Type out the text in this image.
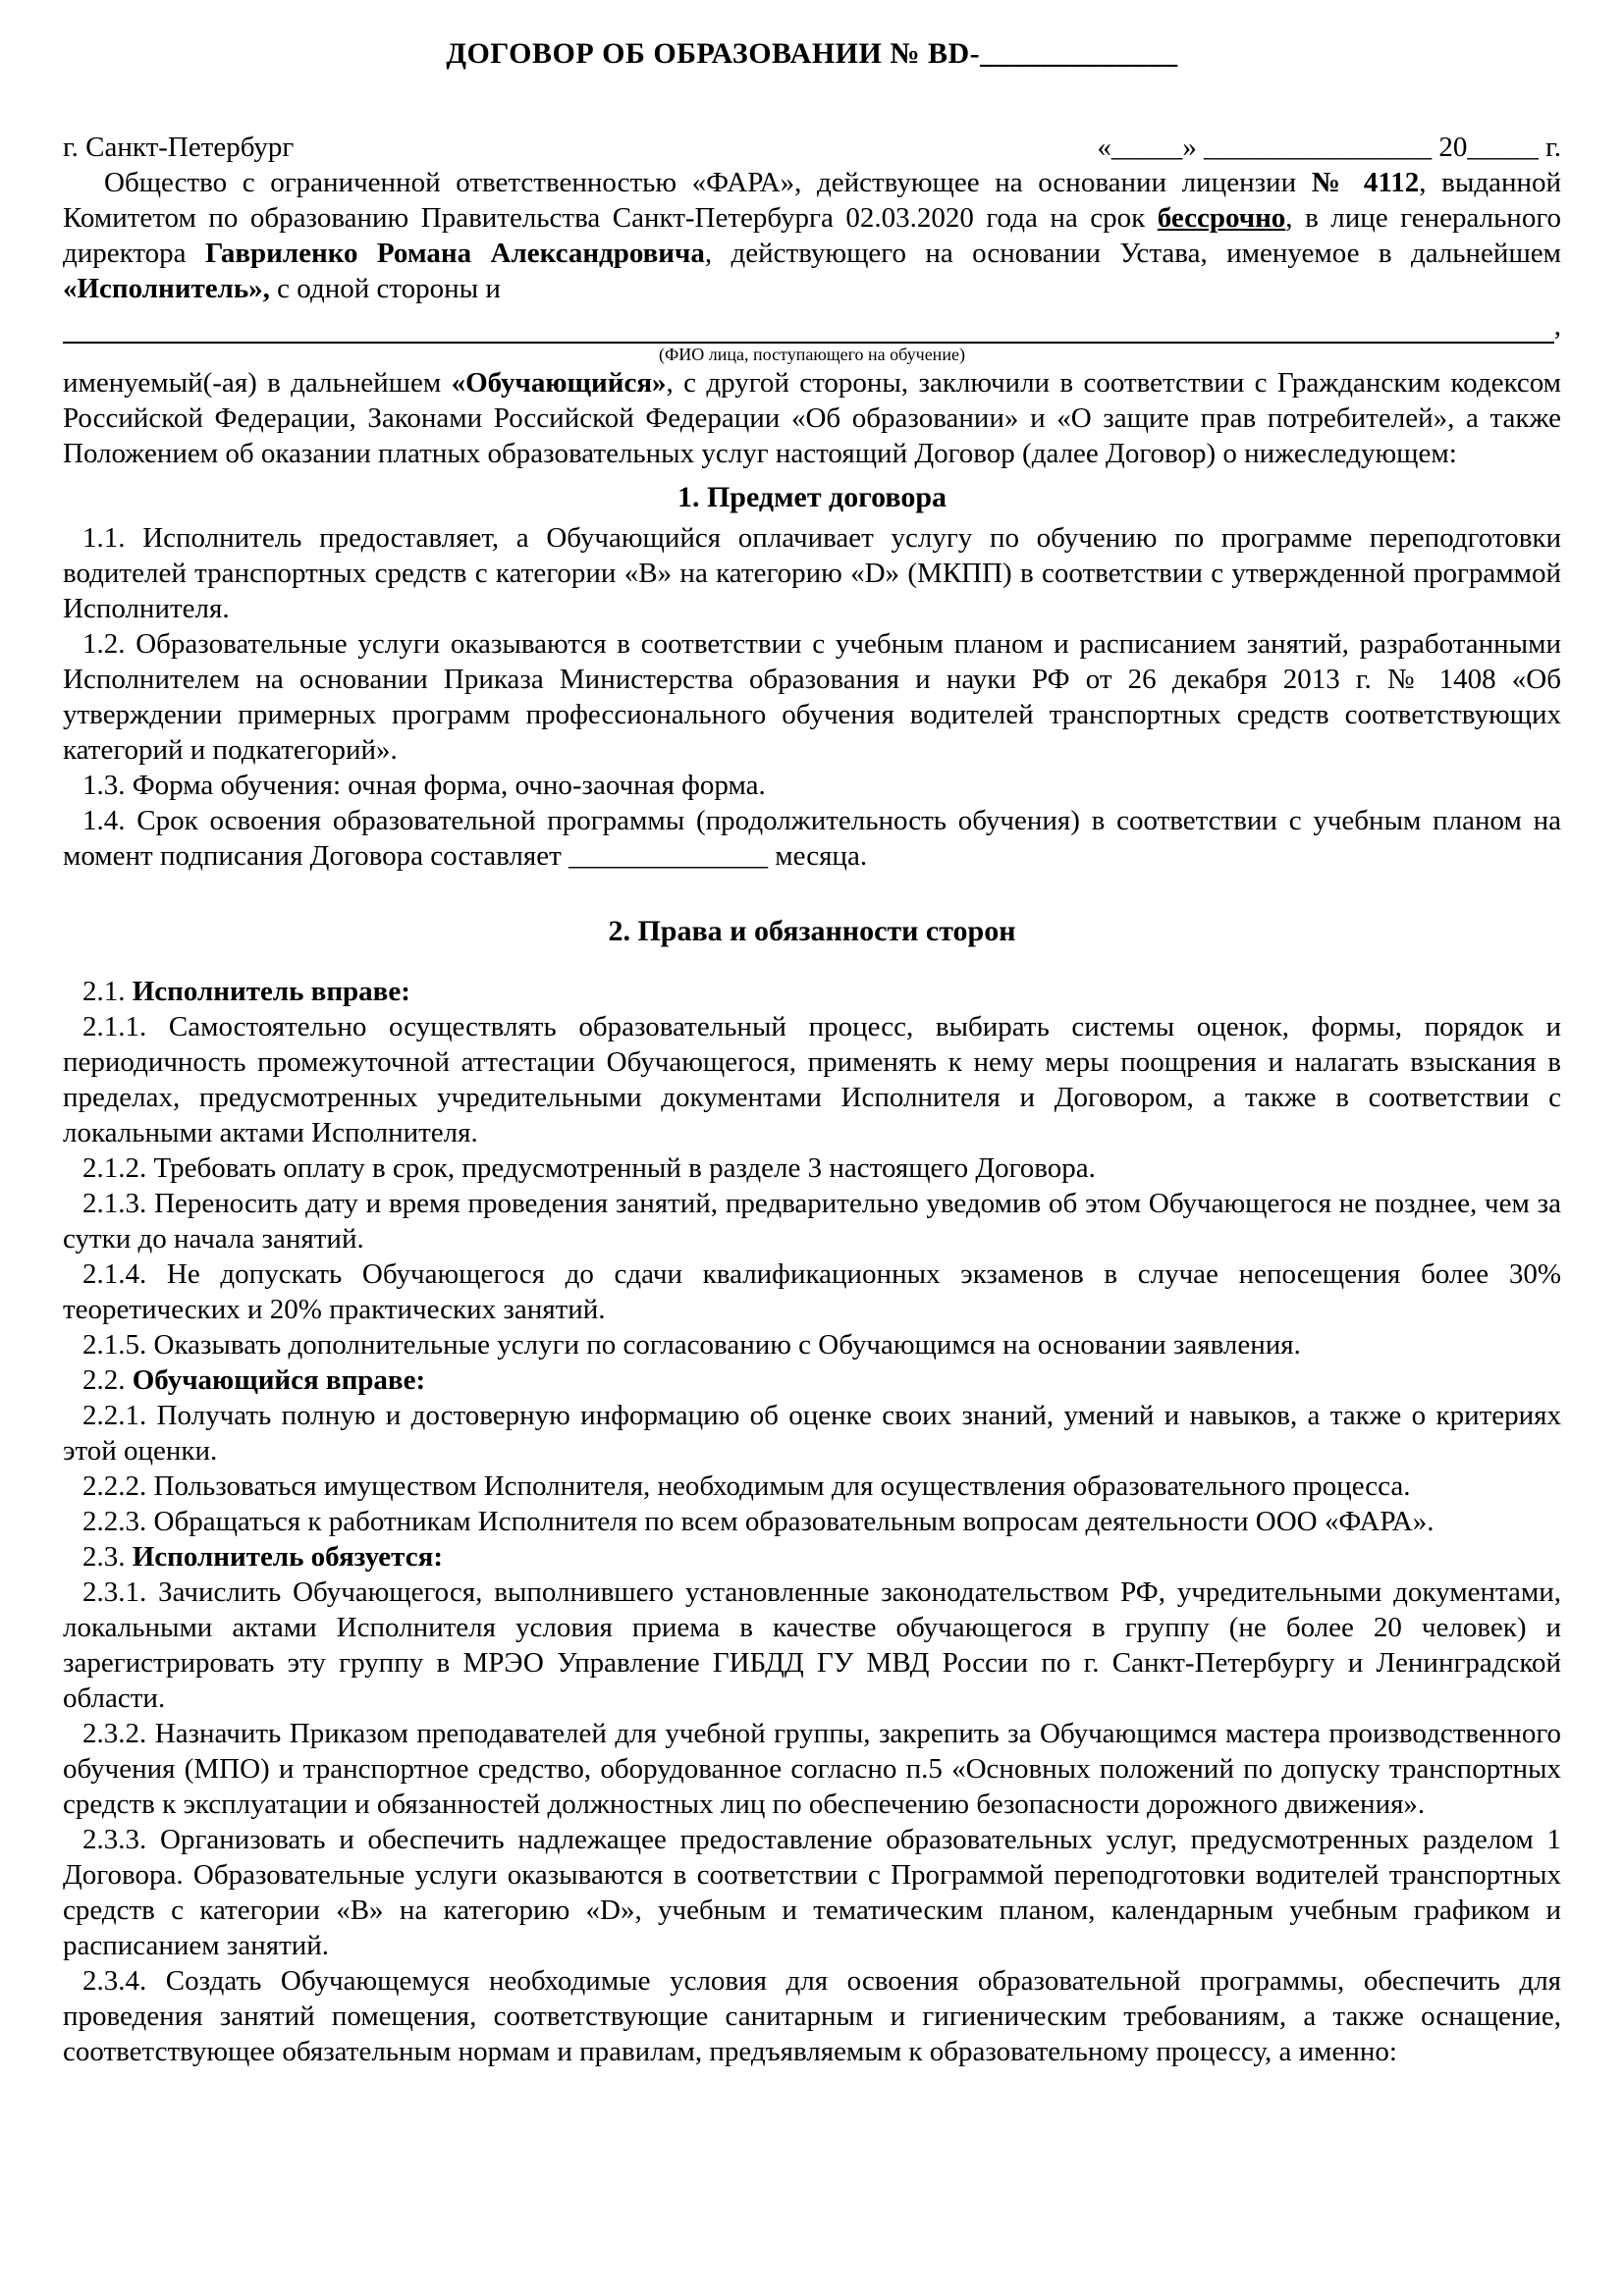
ДОГОВОР ОБ ОБРАЗОВАНИИ № BD-_____________
г. Санкт-Петербург	«_____» ________________ 20_____ г.

Общество с ограниченной ответственностью «ФАРА», действующее на основании лицензии № 4112, выданной Комитетом по образованию Правительства Санкт-Петербурга 02.03.2020 года на срок бессрочно, в лице генерального директора Гавриленко Романа Александровича, действующего на основании Устава, именуемое в дальнейшем «Исполнитель», с одной стороны и

,
(ФИО лица, поступающего на обучение)

именуемый(-ая) в дальнейшем «Обучающийся», с другой стороны, заключили в соответствии с Гражданским кодексом Российской Федерации, Законами Российской Федерации «Об образовании» и «О защите прав потребителей», а также Положением об оказании платных образовательных услуг настоящий Договор (далее Договор) о нижеследующем:

1. Предмет договора

1.1. Исполнитель предоставляет, а Обучающийся оплачивает услугу по обучению по программе переподготовки водителей транспортных средств с категории «В» на категорию «D» (МКПП) в соответствии с утвержденной программой Исполнителя.

1.2. Образовательные услуги оказываются в соответствии с учебным планом и расписанием занятий, разработанными Исполнителем на основании Приказа Министерства образования и науки РФ от 26 декабря 2013 г. № 1408 «Об утверждении примерных программ профессионального обучения водителей транспортных средств соответствующих категорий и подкатегорий».

1.3. Форма обучения: очная форма, очно-заочная форма.

1.4. Срок освоения образовательной программы (продолжительность обучения) в соответствии с учебным планом на момент подписания Договора составляет ______________ месяца.

2. Права и обязанности сторон

2.1. Исполнитель вправе:

2.1.1. Самостоятельно осуществлять образовательный процесс, выбирать системы оценок, формы, порядок и периодичность промежуточной аттестации Обучающегося, применять к нему меры поощрения и налагать взыскания в пределах, предусмотренных учредительными документами Исполнителя и Договором, а также в соответствии с локальными актами Исполнителя.

2.1.2. Требовать оплату в срок, предусмотренный в разделе 3 настоящего Договора.

2.1.3. Переносить дату и время проведения занятий, предварительно уведомив об этом Обучающегося не позднее, чем за сутки до начала занятий.

2.1.4. Не допускать Обучающегося до сдачи квалификационных экзаменов в случае непосещения более 30% теоретических и 20% практических занятий.

2.1.5. Оказывать дополнительные услуги по согласованию с Обучающимся на основании заявления.

2.2. Обучающийся вправе:

2.2.1. Получать полную и достоверную информацию об оценке своих знаний, умений и навыков, а также о критериях этой оценки.

2.2.2. Пользоваться имуществом Исполнителя, необходимым для осуществления образовательного процесса.

2.2.3. Обращаться к работникам Исполнителя по всем образовательным вопросам деятельности ООО «ФАРА».

2.3. Исполнитель обязуется:

2.3.1. Зачислить Обучающегося, выполнившего установленные законодательством РФ, учредительными документами, локальными актами Исполнителя условия приема в качестве обучающегося в группу (не более 20 человек) и зарегистрировать эту группу в МРЭО Управление ГИБДД ГУ МВД России по г. Санкт-Петербургу и Ленинградской области.

2.3.2. Назначить Приказом преподавателей для учебной группы, закрепить за Обучающимся мастера производственного обучения (МПО) и транспортное средство, оборудованное согласно п.5 «Основных положений по допуску транспортных средств к эксплуатации и обязанностей должностных лиц по обеспечению безопасности дорожного движения».

2.3.3. Организовать и обеспечить надлежащее предоставление образовательных услуг, предусмотренных разделом 1 Договора. Образовательные услуги оказываются в соответствии с Программой переподготовки водителей транспортных средств с категории «В» на категорию «D», учебным и тематическим планом, календарным учебным графиком и расписанием занятий.

2.3.4. Создать Обучающемуся необходимые условия для освоения образовательной программы, обеспечить для проведения занятий помещения, соответствующие санитарным и гигиеническим требованиям, а также оснащение, соответствующее обязательным нормам и правилам, предъявляемым к образовательному процессу, а именно:
